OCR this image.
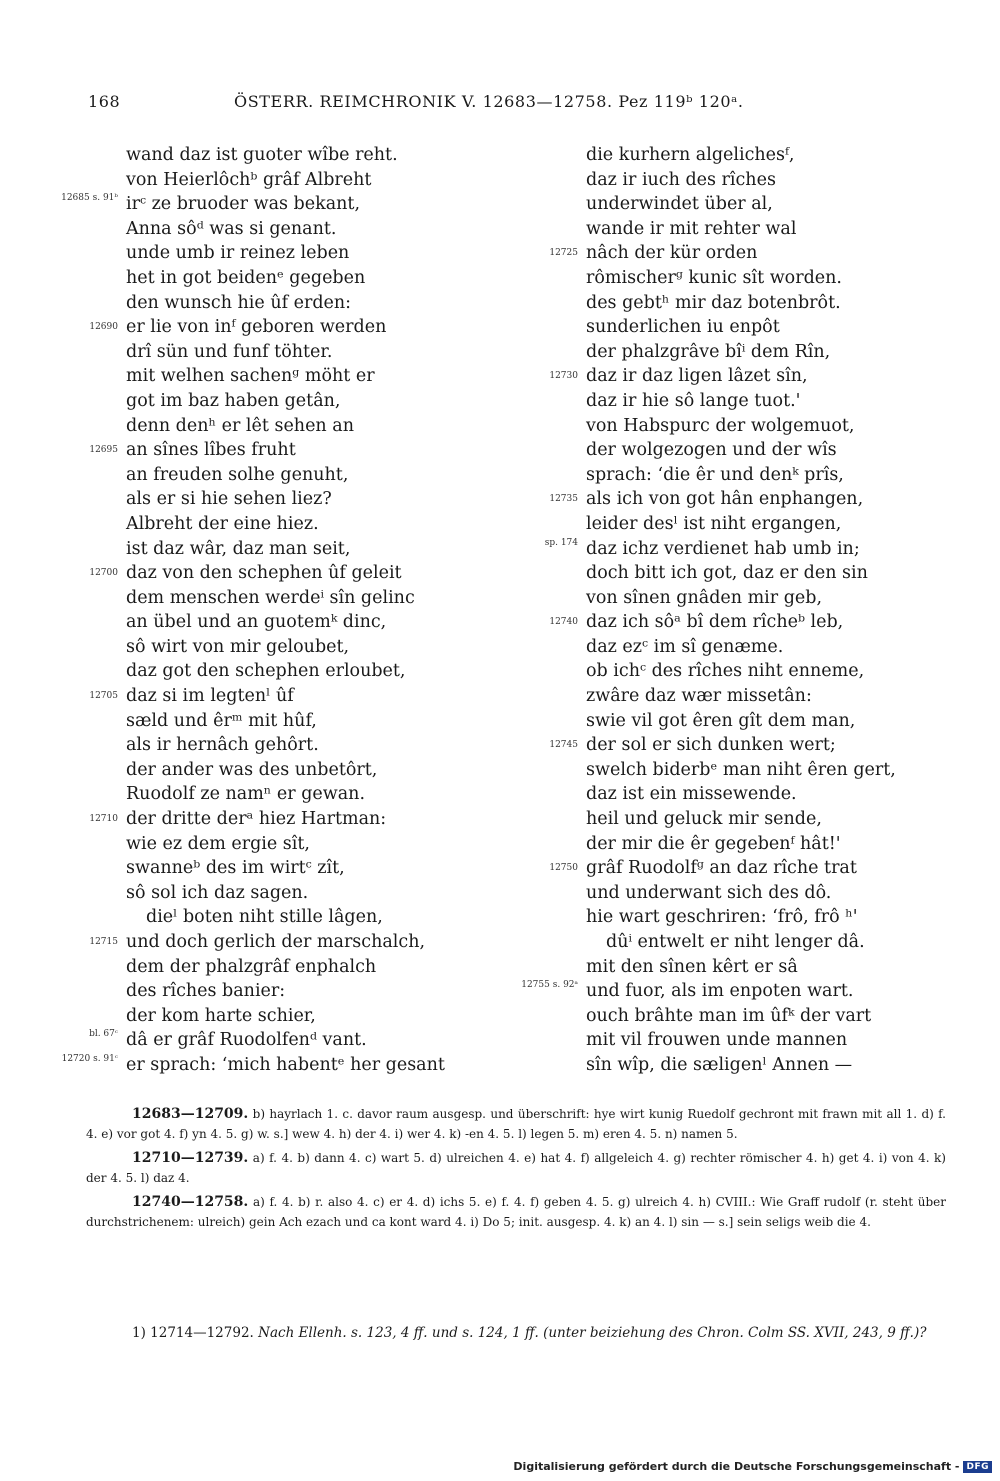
168	ÖSTERR. REIMCHRONIK V. 12683—12758. Pez 119ᵇ 120ᵃ.
wand daz ist guoter wîbe reht.
von Heierlôchᵇ grâf Albreht
12685 s. 91ᵇ irᶜ ze bruoder was bekant,
Anna sôᵈ was si genant.
unde umb ir reinez leben
het in got beidenᵉ gegeben
den wunsch hie ûf erden:
12690 er lie von inᶠ geboren werden
drî sün und funf töhter.
mit welhen sachenᵍ möht er
got im baz haben getân,
denn denʰ er lêt sehen an
12695 an sînes lîbes fruht
an freuden solhe genuht,
als er si hie sehen liez?
Albreht der eine hiez.
ist daz wâr, daz man seit,
12700 daz von den schephen ûf geleit
dem menschen werdeⁱ sîn gelinc
an übel und an guotemᵏ dinc,
sô wirt von mir geloubet,
daz got den schephen erloubet,
12705 daz si im legtenˡ ûf
sæld und êrᵐ mit hûf,
als ir hernâch gehôrt.
der ander was des unbetôrt,
Ruodolf ze namⁿ er gewan.
12710 der dritte derᵃ hiez Hartman:
wie ez dem ergie sît,
swanneᵇ des im wirtᶜ zît,
sô sol ich daz sagen.
dieˡ boten niht stille lâgen,
12715 und doch gerlich der marschalch,
dem der phalzgrâf enphalch
des rîches banier:
der kom harte schier,
bl. 67ᶜ dâ er grâf Ruodolfenᵈ vant.
12720 s. 91ᶜ er sprach: ʻmich habentᵉ her gesant
die kurhern algelichesᶠ,
daz ir iuch des rîches
underwindet über al,
wande ir mit rehter wal
12725 nâch der kür orden
rômischerᵍ kunic sît worden.
des gebtʰ mir daz botenbrôt.
sunderlichen iu enpôt
der phalzgrâve bîⁱ dem Rîn,
12730 daz ir daz ligen lâzet sîn,
daz ir hie sô lange tuot.'
von Habspurc der wolgemuot,
der wolgezogen und der wîs
sprach: ʻdie êr und denᵏ prîs,
12735 als ich von got hân enphangen,
leider desˡ ist niht ergangen,
sp. 174 daz ichz verdienet hab umb in;
doch bitt ich got, daz er den sin
von sînen gnâden mir geb,
12740 daz ich sôᵃ bî dem rîcheᵇ leb,
daz ezᶜ im sî genæme.
ob ichᶜ des rîches niht enneme,
zwâre daz wær missetân:
swie vil got êren gît dem man,
12745 der sol er sich dunken wert;
swelch biderbᵉ man niht êren gert,
daz ist ein missewende.
heil und geluck mir sende,
der mir die êr gegebenᶠ hât!'
12750 grâf Ruodolfᵍ an daz rîche trat
und underwant sich des dô.
hie wart geschriren: ʻfrô, frô ʰ'
dûⁱ entwelt er niht lenger dâ.
mit den sînen kêrt er sâ
12755 s. 92ᵃ und fuor, als im enpoten wart.
ouch brâhte man im ûfᵏ der vart
mit vil frouwen unde mannen
sîn wîp, die sæligenˡ Annen —
12683—12709. b) hayrlach 1. c. davor raum ausgesp. und überschrift: hye wirt kunig Ruedolf gechront mit frawn mit all 1. d) f. 4. e) vor got 4. f) yn 4. 5. g) w. s.] wew 4. h) der 4. i) wer 4. k) -en 4. 5. l) legen 5. m) eren 4. 5. n) namen 5.
12710—12739. a) f. 4. b) dann 4. c) wart 5. d) ulreichen 4. e) hat 4. f) allgeleich 4. g) rechter römischer 4. h) get 4. i) von 4. k) der 4. 5. l) daz 4.
12740—12758. a) f. 4. b) r. also 4. c) er 4. d) ichs 5. e) f. 4. f) geben 4. 5. g) ulreich 4. h) CVIII.: Wie Graff rudolf (r. steht über durchstrichenem: ulreich) gein Ach ezach und ca kont ward 4. i) Do 5; init. ausgesp. 4. k) an 4. l) sin — s.] sein seligs weib die 4.
1) 12714—12792. Nach Ellenh. s. 123, 4 ff. und s. 124, 1 ff. (unter beiziehung des Chron. Colm SS. XVII, 243, 9 ff.)?
Digitalisierung gefördert durch die Deutsche Forschungsgemeinschaft - DFG
